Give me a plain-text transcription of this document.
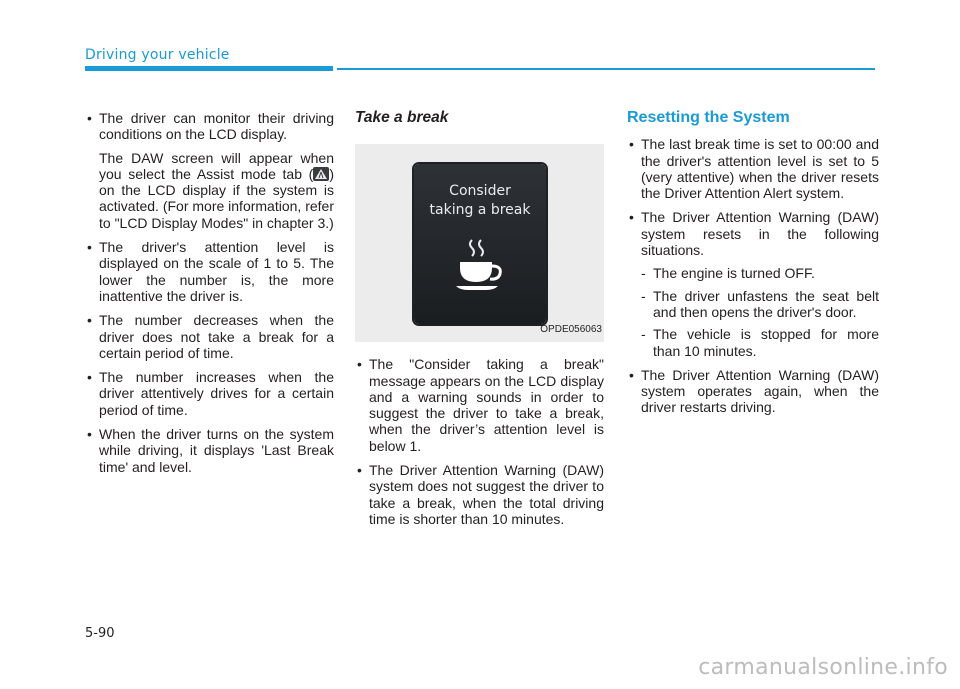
Driving your vehicle
• The driver can monitor their driving conditions on the LCD display.

The DAW screen will appear when you select the Assist mode tab ( ) on the LCD display if the system is activated. (For more information, refer to "LCD Display Modes" in chapter 3.)

• The driver's attention level is displayed on the scale of 1 to 5. The lower the number is, the more inattentive the driver is.
• The number decreases when the driver does not take a break for a certain period of time.
• The number increases when the driver attentively drives for a certain period of time.
• When the driver turns on the system while driving, it displays 'Last Break time' and level.
Take a break
Consider
taking a break
OPDE056063
• The "Consider taking a break" message appears on the LCD display and a warning sounds in order to suggest the driver to take a break, when the driver’s attention level is below 1.
• The Driver Attention Warning (DAW) system does not suggest the driver to take a break, when the total driving time is shorter than 10 minutes.
Resetting the System
• The last break time is set to 00:00 and the driver's attention level is set to 5 (very attentive) when the driver resets the Driver Attention Alert system.
• The Driver Attention Warning (DAW) system resets in the following situations.
- The engine is turned OFF.
- The driver unfastens the seat belt and then opens the driver's door.
- The vehicle is stopped for more than 10 minutes.
• The Driver Attention Warning (DAW) system operates again, when the driver restarts driving.
5-90
carmanualsonline.info
